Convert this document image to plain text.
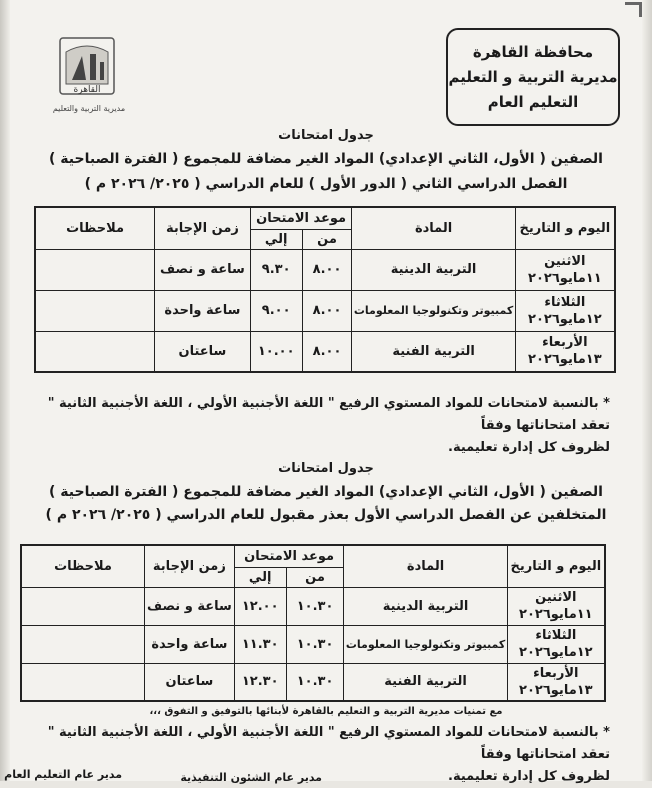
محافظة القاهرة
مديرية التربية و التعليم
التعليم العام
القاهرة
مديرية التربية والتعليم
جدول امتحانات
الصفين ( الأول، الثاني الإعدادي) المواد الغير مضافة للمجموع ( الفترة الصباحية )
الفصل الدراسي الثاني ( الدور الأول ) للعام الدراسي ( ٢٠٢٥/ ٢٠٢٦ م )
اليوم و التاريخ	المادة	موعد الامتحان		زمن الإجابة	ملاحظات
		من	إلي		

الاثنين
١١مايو٢٠٢٦	التربية الدينية	٨.٠٠	٩.٣٠	ساعة و نصف	

الثلاثاء
١٢مايو٢٠٢٦	كمبيوتر وتكنولوجيا المعلومات	٨.٠٠	٩.٠٠	ساعة واحدة	

الأربعاء
١٣مايو٢٠٢٦	التربية الفنية	٨.٠٠	١٠.٠٠	ساعتان	
* بالنسبة لامتحانات للمواد المستوي الرفيع " اللغة الأجنبية الأولي ، اللغة الأجنبية الثانية " تعقد امتحاناتها وفقاً
لظروف كل إدارة تعليمية.
جدول امتحانات
الصفين ( الأول، الثاني الإعدادي) المواد الغير مضافة للمجموع ( الفترة الصباحية )
المتخلفين عن الفصل الدراسي الأول بعذر مقبول للعام الدراسي ( ٢٠٢٥/ ٢٠٢٦ م )
اليوم و التاريخ	المادة	موعد الامتحان		زمن الإجابة	ملاحظات
		من	إلي		

الاثنين
١١مايو٢٠٢٦	التربية الدينية	١٠.٣٠	١٢.٠٠	ساعة و نصف	

الثلاثاء
١٢مايو٢٠٢٦	كمبيوتر وتكنولوجيا المعلومات	١٠.٣٠	١١.٣٠	ساعة واحدة	

الأربعاء
١٣مايو٢٠٢٦	التربية الفنية	١٠.٣٠	١٢.٣٠	ساعتان	
مع تمنيات مديرية التربية و التعليم بالقاهرة لأبنائها بالتوفيق و التفوق ،،،
* بالنسبة لامتحانات للمواد المستوي الرفيع " اللغة الأجنبية الأولي ، اللغة الأجنبية الثانية " تعقد امتحاناتها وفقاً
لظروف كل إدارة تعليمية.
مدير عام التعليم العام	مدير عام الشئون التنفيذية
